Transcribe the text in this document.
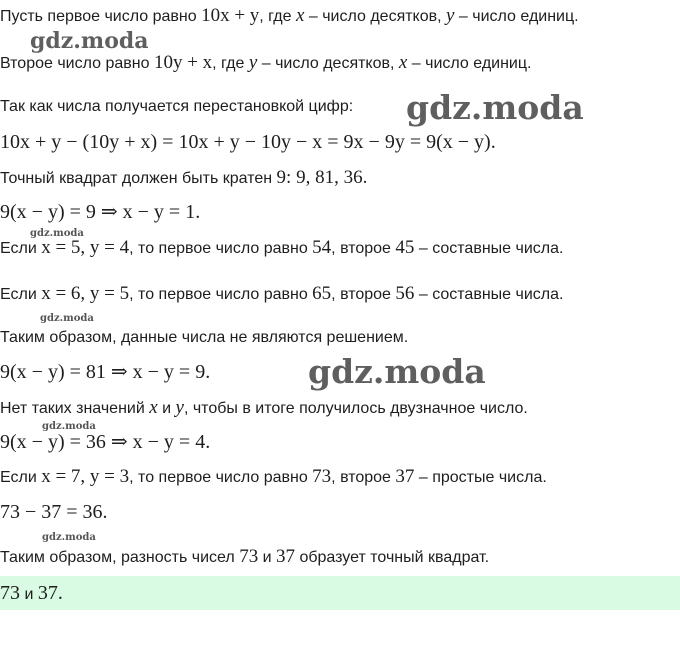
Пусть первое число равно 10x + y, где x – число десятков, y – число единиц.
gdz.moda
Второе число равно 10y + x, где y – число десятков, x – число единиц.
Так как числа получается перестановкой цифр: gdz.moda
10x + y − (10y + x) = 10x + y − 10y − x = 9x − 9y = 9(x − y).
Точный квадрат должен быть кратен 9: 9, 81, 36.
9(x − y) = 9 ⇒ x − y = 1.
gdz.moda
Если x = 5, y = 4, то первое число равно 54, второе 45 – составные числа.
Если x = 6, y = 5, то первое число равно 65, второе 56 – составные числа.
gdz.moda
Таким образом, данные числа не являются решением.
9(x − y) = 81 ⇒ x − y = 9.	gdz.moda
Нет таких значений x и y, чтобы в итоге получилось двузначное число.
gdz.moda
9(x − y) = 36 ⇒ x − y = 4.
Если x = 7, y = 3, то первое число равно 73, второе 37 – простые числа.
73 − 37 = 36.
gdz.moda
Таким образом, разность чисел 73 и 37 образует точный квадрат.
73 и 37.
